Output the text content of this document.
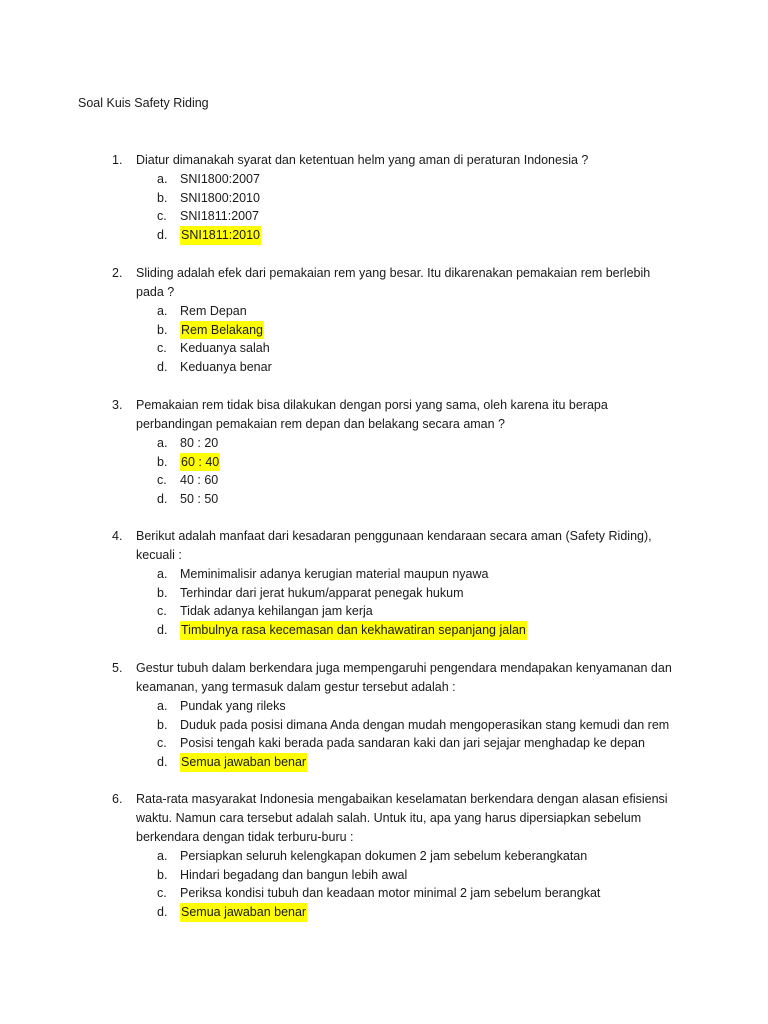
Soal Kuis Safety Riding
1.	Diatur dimanakah syarat dan ketentuan helm yang aman di peraturan Indonesia ?
a.	SNI1800:2007
b.	SNI1800:2010
c.	SNI1811:2007
d.	SNI1811:2010
2.	Sliding adalah efek dari pemakaian rem yang besar. Itu dikarenakan pemakaian rem berlebih
pada ?
a.	Rem Depan
b.	Rem Belakang
c.	Keduanya salah
d.	Keduanya benar
3.	Pemakaian rem tidak bisa dilakukan dengan porsi yang sama, oleh karena itu berapa
perbandingan pemakaian rem depan dan belakang secara aman ?
a.	80 : 20
b.	60 : 40
c.	40 : 60
d.	50 : 50
4.	Berikut adalah manfaat dari kesadaran penggunaan kendaraan secara aman (Safety Riding),
kecuali :
a.	Meminimalisir adanya kerugian material maupun nyawa
b.	Terhindar dari jerat hukum/apparat penegak hukum
c.	Tidak adanya kehilangan jam kerja
d.	Timbulnya rasa kecemasan dan kekhawatiran sepanjang jalan
5.	Gestur tubuh dalam berkendara juga mempengaruhi pengendara mendapakan kenyamanan dan
keamanan, yang termasuk dalam gestur tersebut adalah :
a.	Pundak yang rileks
b.	Duduk pada posisi dimana Anda dengan mudah mengoperasikan stang kemudi dan rem
c.	Posisi tengah kaki berada pada sandaran kaki dan jari sejajar menghadap ke depan
d.	Semua jawaban benar
6.	Rata-rata masyarakat Indonesia mengabaikan keselamatan berkendara dengan alasan efisiensi
waktu. Namun cara tersebut adalah salah. Untuk itu, apa yang harus dipersiapkan sebelum
berkendara dengan tidak terburu-buru :
a.	Persiapkan seluruh kelengkapan dokumen 2 jam sebelum keberangkatan
b.	Hindari begadang dan bangun lebih awal
c.	Periksa kondisi tubuh dan keadaan motor minimal 2 jam sebelum berangkat
d.	Semua jawaban benar
